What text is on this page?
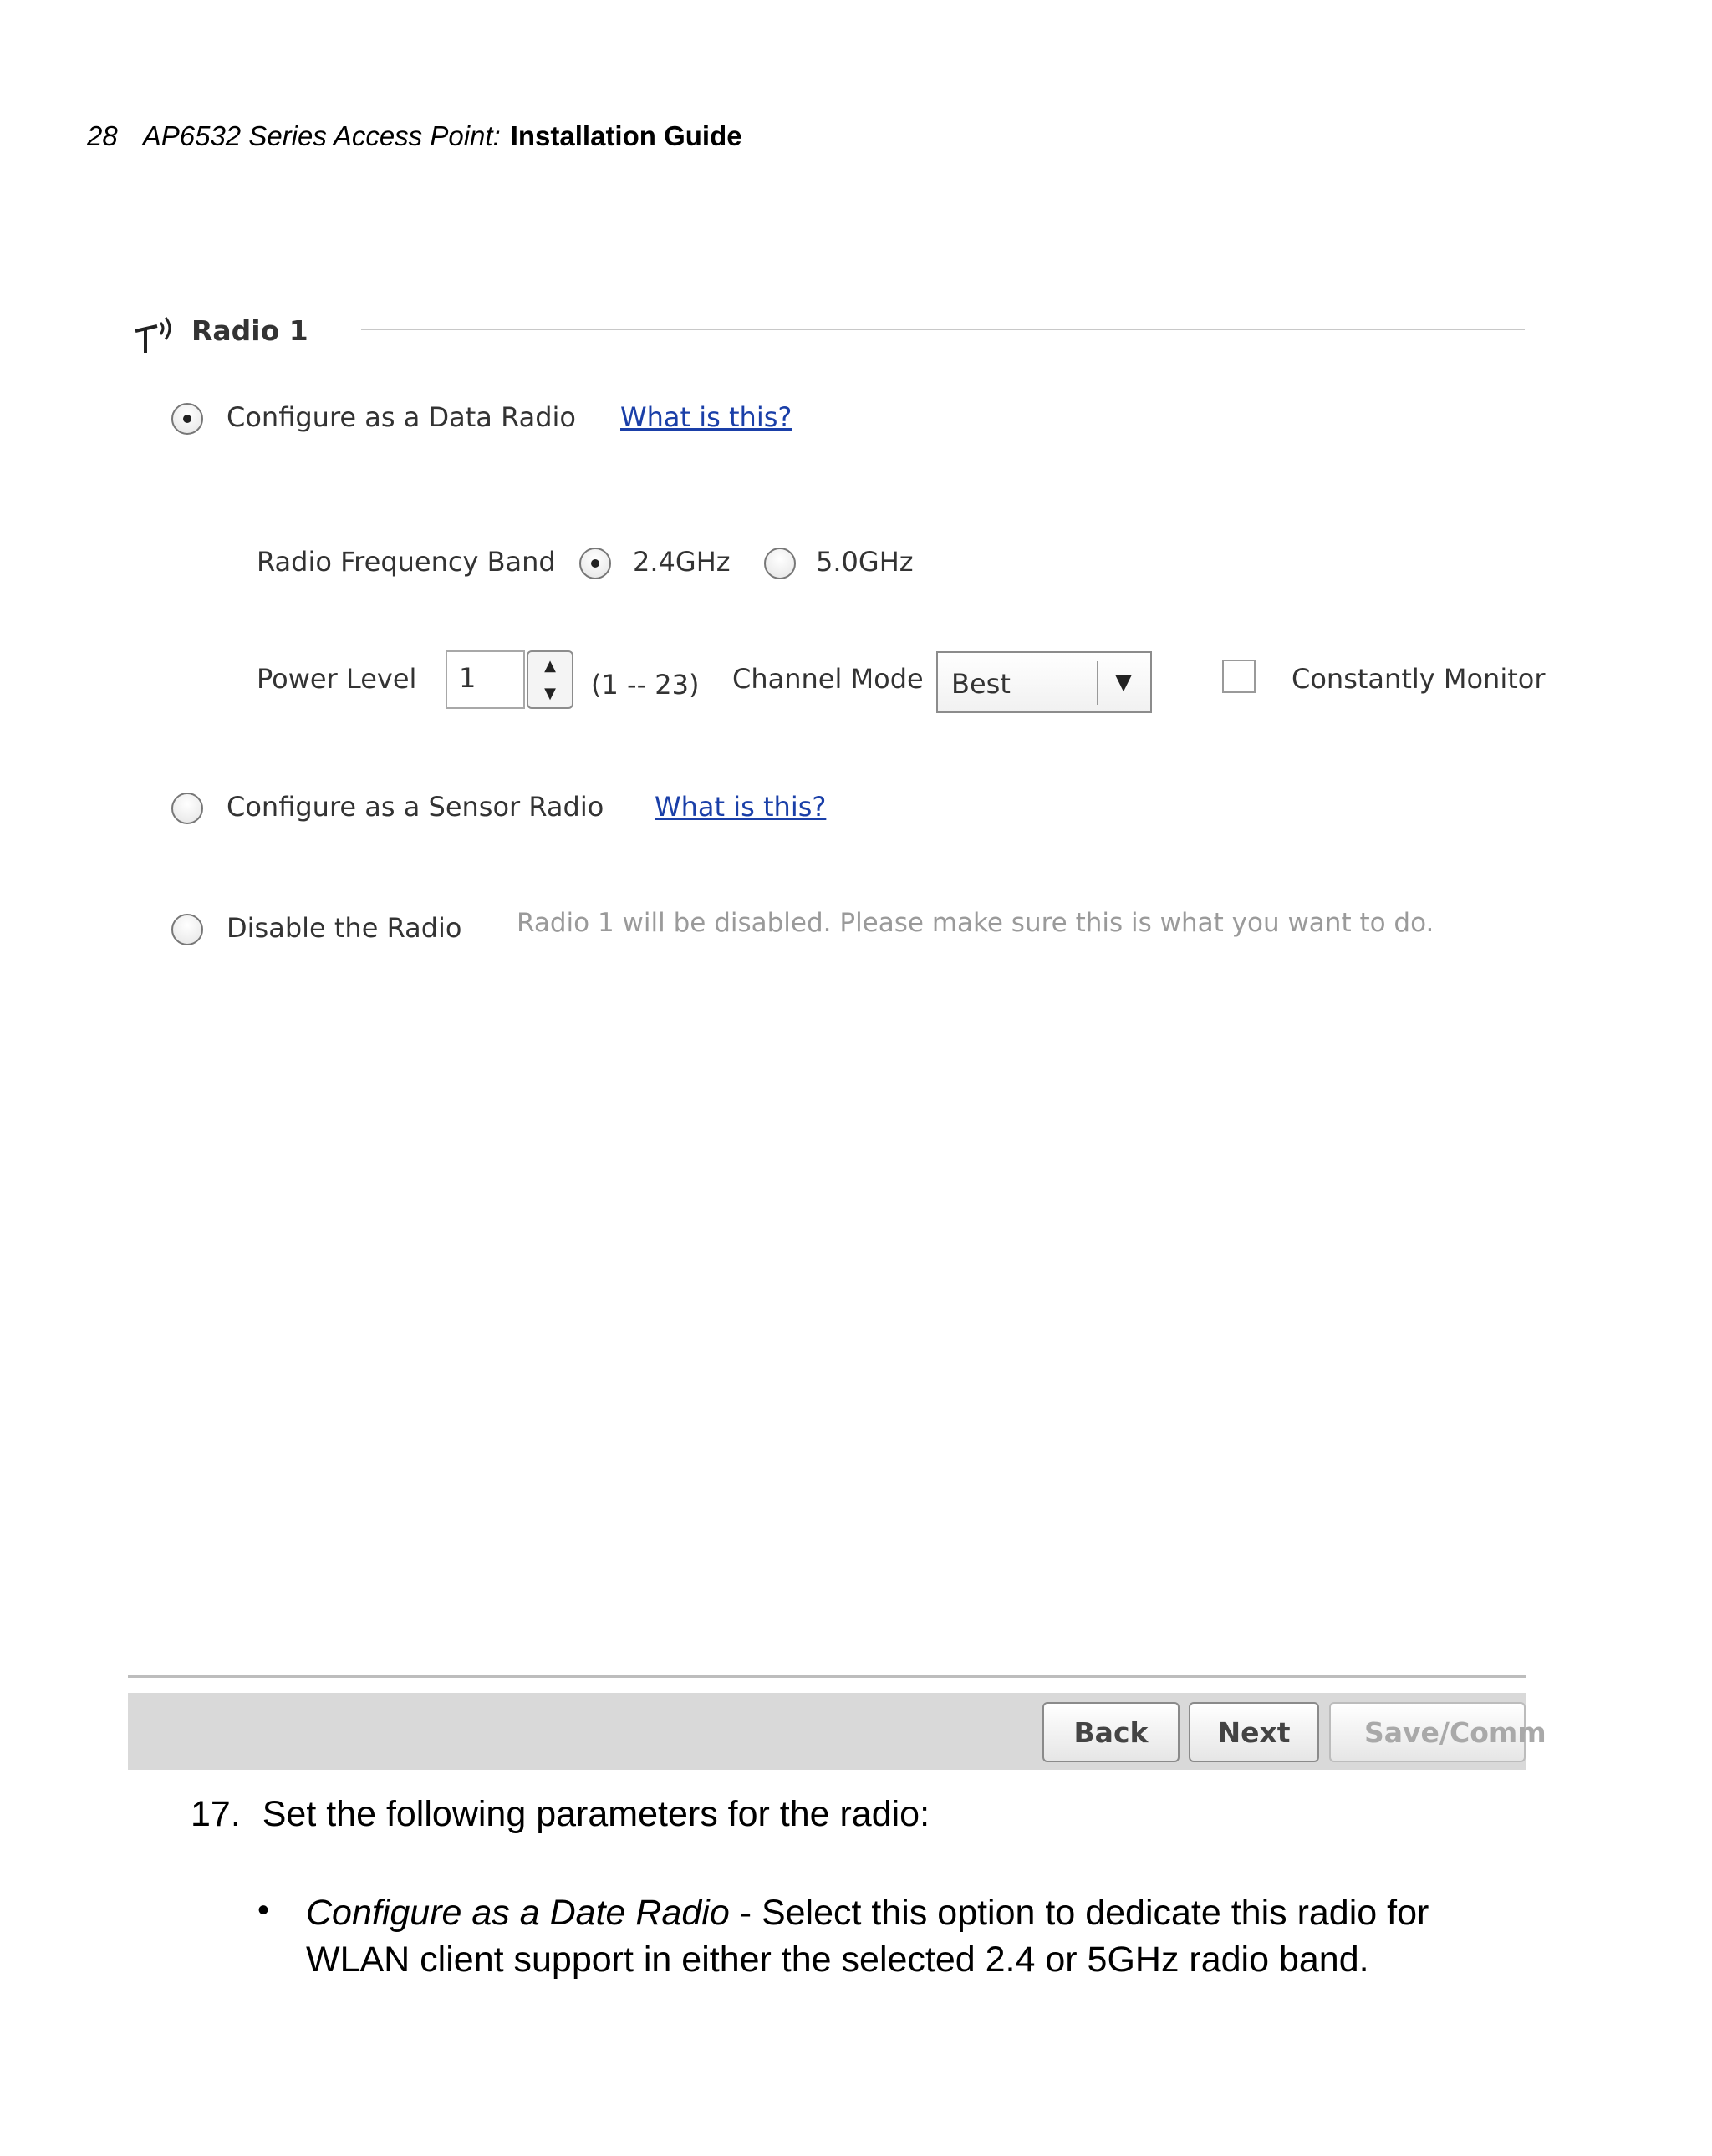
28 AP6532 Series Access Point: Installation Guide
Radio 1
Configure as a Data Radio What is this?
Radio Frequency Band	2.4GHz	5.0GHz
Power Level	1	▲
▼	(1 -- 23) Channel Mode Best	▼	Constantly Monitor
Configure as a Sensor Radio What is this?
Disable the Radio Radio 1 will be disabled. Please make sure this is what you want to do.
Back	Next	Save/Comm
17. Set the following parameters for the radio:
• Configure as a Date Radio - Select this option to dedicate this radio for WLAN client support in either the selected 2.4 or 5GHz radio band.
